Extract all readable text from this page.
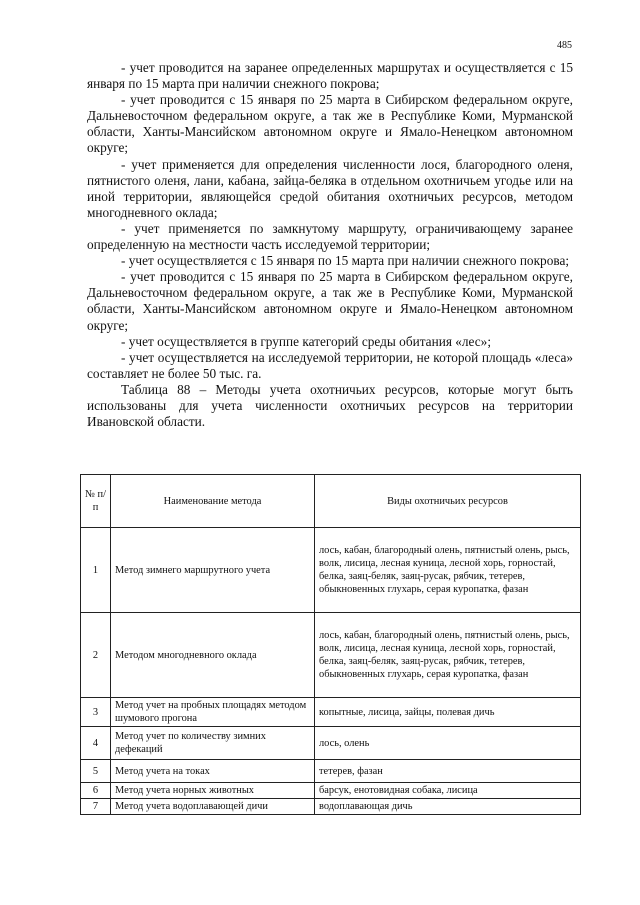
485

- учет проводится на заранее определенных маршрутах и осуществляется с 15 января по 15 марта при наличии снежного покрова;

- учет проводится с 15 января по 25 марта в Сибирском федеральном округе, Дальневосточном федеральном округе, а так же в Республике Коми, Мурманской области, Ханты-Мансийском автономном округе и Ямало-Ненецком автономном округе;

- учет применяется для определения численности лося, благородного оленя, пятнистого оленя, лани, кабана, зайца-беляка в отдельном охотничьем угодье или на иной территории, являющейся средой обитания охотничьих ресурсов, методом многодневного оклада;

- учет применяется по замкнутому маршруту, ограничивающему заранее определенную на местности часть исследуемой территории;

- учет осуществляется с 15 января по 15 марта при наличии снежного покрова;

- учет проводится с 15 января по 25 марта в Сибирском федеральном округе, Дальневосточном федеральном округе, а так же в Республике Коми, Мурманской области, Ханты-Мансийском автономном округе и Ямало-Ненецком автономном округе;

- учет осуществляется в группе категорий среды обитания «лес»;

- учет осуществляется на исследуемой территории, не которой площадь «леса» составляет не более 50 тыс. га.

Таблица 88 – Методы учета охотничьих ресурсов, которые могут быть использованы для учета численности охотничьих ресурсов на территории Ивановской области.

№ п/п	Наименование метода	Виды охотничьих ресурсов
1	Метод зимнего маршрутного учета	лось, кабан, благородный олень, пятнистый олень, рысь, волк, лисица, лесная куница, лесной хорь, горностай, белка, заяц-беляк, заяц-русак, рябчик, тетерев, обыкновенных глухарь, серая куропатка, фазан
2	Методом многодневного оклада	лось, кабан, благородный олень, пятнистый олень, рысь, волк, лисица, лесная куница, лесной хорь, горностай, белка, заяц-беляк, заяц-русак, рябчик, тетерев, обыкновенных глухарь, серая куропатка, фазан
3	Метод учет на пробных площадях методом шумового прогона	копытные, лисица, зайцы, полевая дичь
4	Метод учет по количеству зимних дефекаций	лось, олень
5	Метод учета на токах	тетерев, фазан
6	Метод учета норных животных	барсук, енотовидная собака, лисица
7	Метод учета водоплавающей дичи	водоплавающая дичь
